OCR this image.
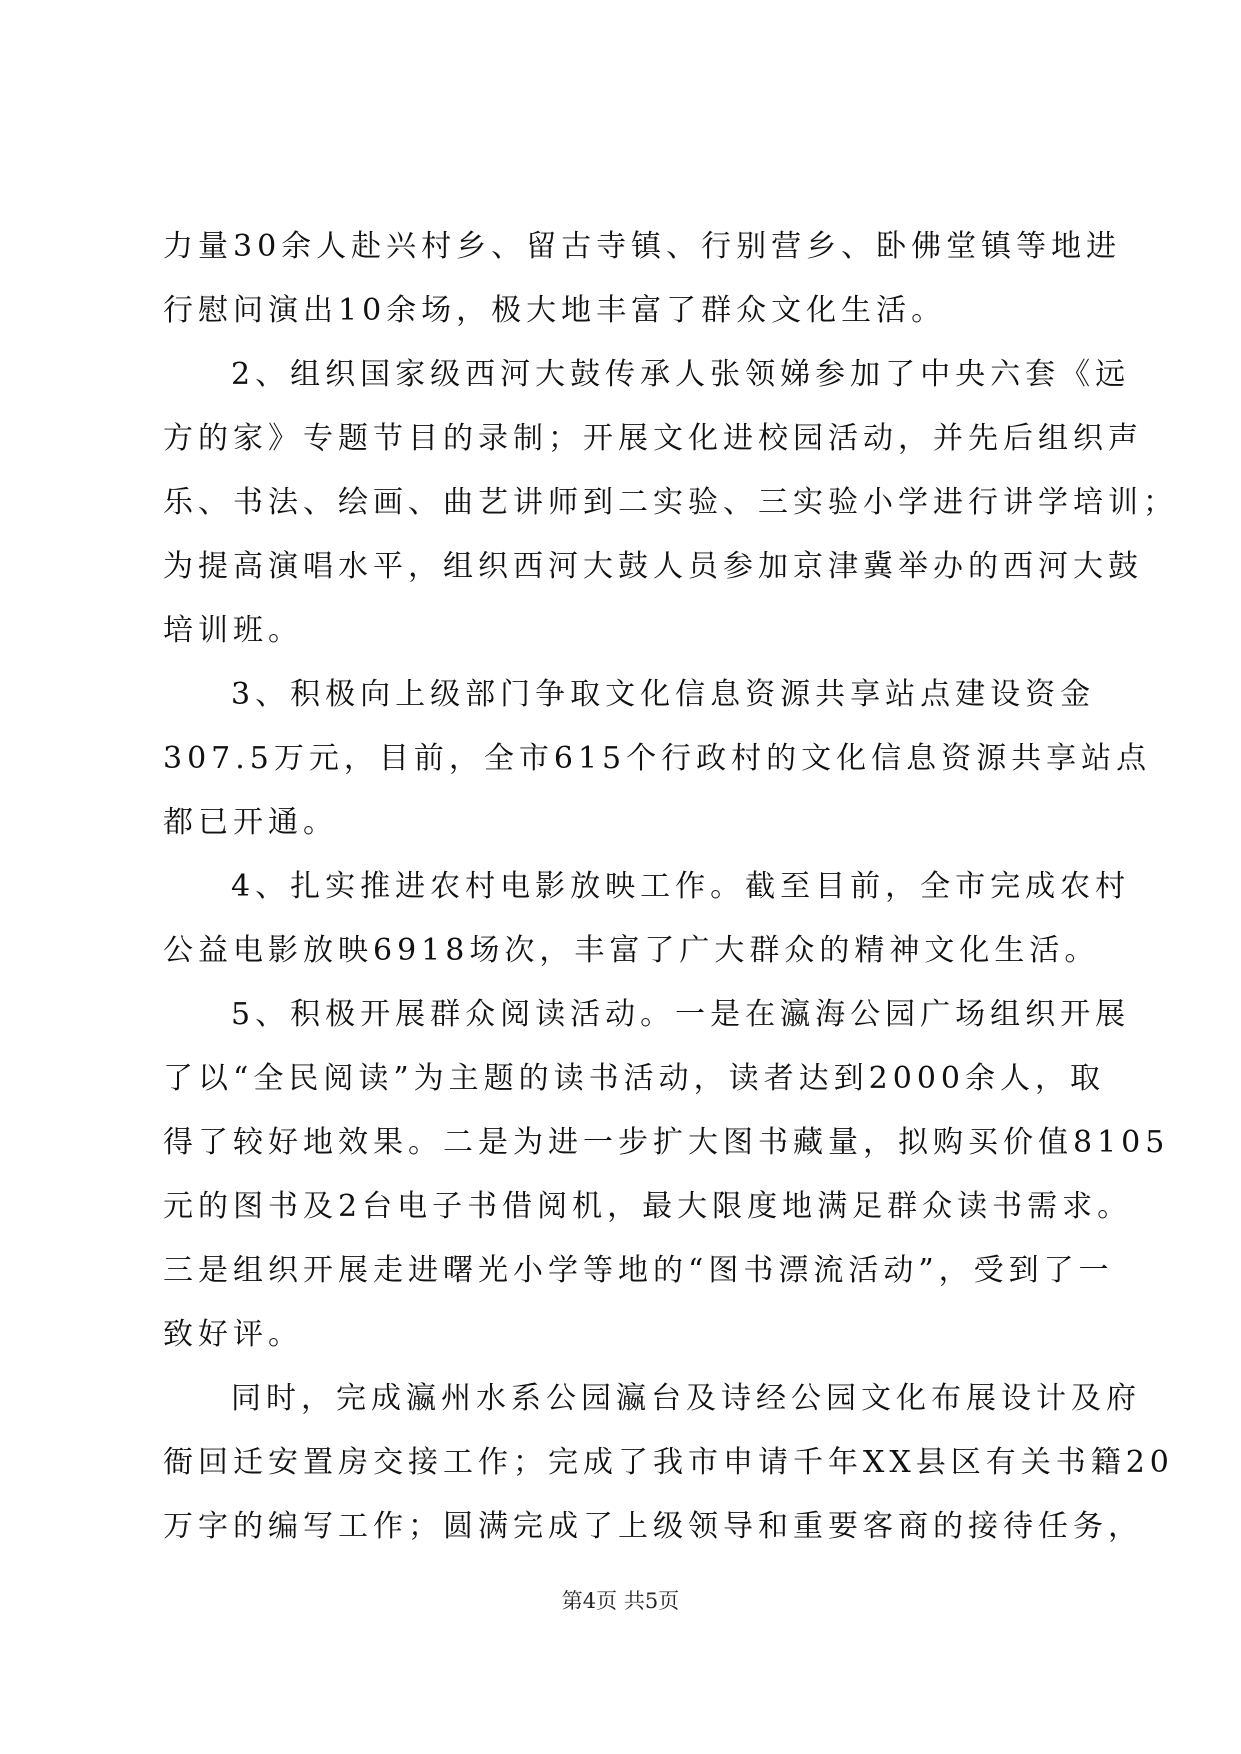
力量30余人赴兴村乡、留古寺镇、行别营乡、卧佛堂镇等地进
行慰问演出10余场，极大地丰富了群众文化生活。
2、组织国家级西河大鼓传承人张领娣参加了中央六套《远
方的家》专题节目的录制；开展文化进校园活动，并先后组织声
乐、书法、绘画、曲艺讲师到二实验、三实验小学进行讲学培训；
为提高演唱水平，组织西河大鼓人员参加京津冀举办的西河大鼓
培训班。
3、积极向上级部门争取文化信息资源共享站点建设资金
307.5万元，目前，全市615个行政村的文化信息资源共享站点
都已开通。
4、扎实推进农村电影放映工作。截至目前，全市完成农村
公益电影放映6918场次，丰富了广大群众的精神文化生活。
5、积极开展群众阅读活动。一是在瀛海公园广场组织开展
了以“全民阅读”为主题的读书活动，读者达到2000余人，取
得了较好地效果。二是为进一步扩大图书藏量，拟购买价值8105
元的图书及2台电子书借阅机，最大限度地满足群众读书需求。
三是组织开展走进曙光小学等地的“图书漂流活动”，受到了一
致好评。
同时，完成瀛州水系公园瀛台及诗经公园文化布展设计及府
衙回迁安置房交接工作；完成了我市申请千年XX县区有关书籍20
万字的编写工作；圆满完成了上级领导和重要客商的接待任务，
第4页 共5页
